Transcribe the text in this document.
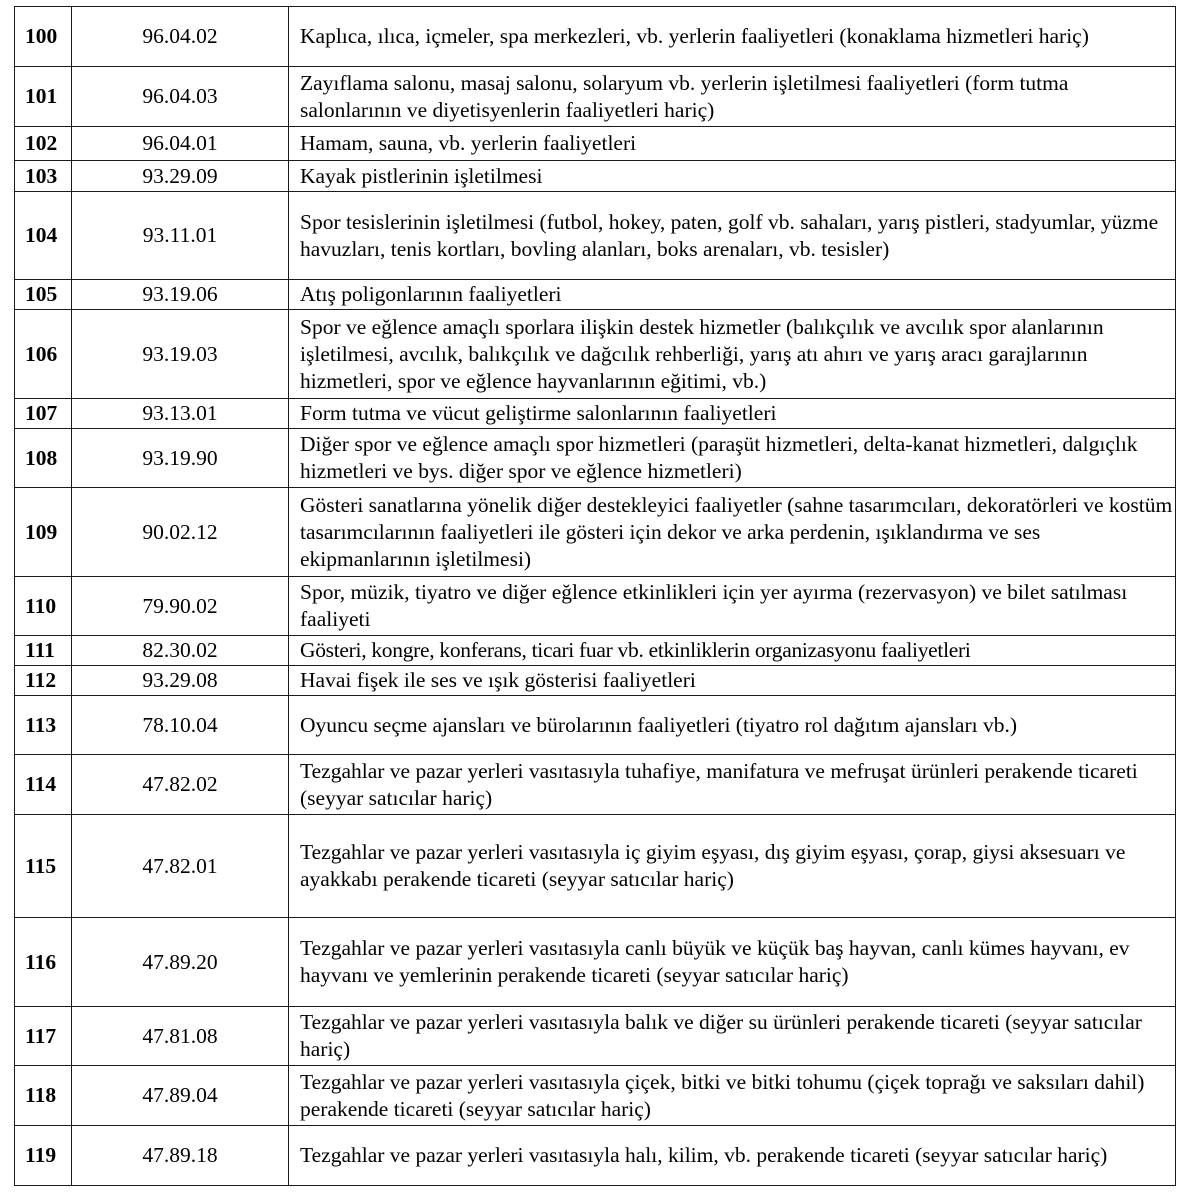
100	96.04.02	Kaplıca, ılıca, içmeler, spa merkezleri, vb. yerlerin faaliyetleri (konaklama hizmetleri hariç)
101	96.04.03	Zayıflama salonu, masaj salonu, solaryum vb. yerlerin işletilmesi faaliyetleri (form tutma salonlarının ve diyetisyenlerin faaliyetleri hariç)
102	96.04.01	Hamam, sauna, vb. yerlerin faaliyetleri
103	93.29.09	Kayak pistlerinin işletilmesi
104	93.11.01	Spor tesislerinin işletilmesi (futbol, hokey, paten, golf vb. sahaları, yarış pistleri, stadyumlar, yüzme havuzları, tenis kortları, bovling alanları, boks arenaları, vb. tesisler)
105	93.19.06	Atış poligonlarının faaliyetleri
106	93.19.03	Spor ve eğlence amaçlı sporlara ilişkin destek hizmetler (balıkçılık ve avcılık spor alanlarının işletilmesi, avcılık, balıkçılık ve dağcılık rehberliği, yarış atı ahırı ve yarış aracı garajlarının hizmetleri, spor ve eğlence hayvanlarının eğitimi, vb.)
107	93.13.01	Form tutma ve vücut geliştirme salonlarının faaliyetleri
108	93.19.90	Diğer spor ve eğlence amaçlı spor hizmetleri (paraşüt hizmetleri, delta-kanat hizmetleri, dalgıçlık hizmetleri ve bys. diğer spor ve eğlence hizmetleri)
109	90.02.12	Gösteri sanatlarına yönelik diğer destekleyici faaliyetler (sahne tasarımcıları, dekoratörleri ve kostüm tasarımcılarının faaliyetleri ile gösteri için dekor ve arka perdenin, ışıklandırma ve ses ekipmanlarının işletilmesi)
110	79.90.02	Spor, müzik, tiyatro ve diğer eğlence etkinlikleri için yer ayırma (rezervasyon) ve bilet satılması faaliyeti
111	82.30.02	Gösteri, kongre, konferans, ticari fuar vb. etkinliklerin organizasyonu faaliyetleri
112	93.29.08	Havai fişek ile ses ve ışık gösterisi faaliyetleri
113	78.10.04	Oyuncu seçme ajansları ve bürolarının faaliyetleri (tiyatro rol dağıtım ajansları vb.)
114	47.82.02	Tezgahlar ve pazar yerleri vasıtasıyla tuhafiye, manifatura ve mefruşat ürünleri perakende ticareti (seyyar satıcılar hariç)
115	47.82.01	Tezgahlar ve pazar yerleri vasıtasıyla iç giyim eşyası, dış giyim eşyası, çorap, giysi aksesuarı ve ayakkabı perakende ticareti (seyyar satıcılar hariç)
116	47.89.20	Tezgahlar ve pazar yerleri vasıtasıyla canlı büyük ve küçük baş hayvan, canlı kümes hayvanı, ev hayvanı ve yemlerinin perakende ticareti (seyyar satıcılar hariç)
117	47.81.08	Tezgahlar ve pazar yerleri vasıtasıyla balık ve diğer su ürünleri perakende ticareti (seyyar satıcılar hariç)
118	47.89.04	Tezgahlar ve pazar yerleri vasıtasıyla çiçek, bitki ve bitki tohumu (çiçek toprağı ve saksıları dahil) perakende ticareti (seyyar satıcılar hariç)
119	47.89.18	Tezgahlar ve pazar yerleri vasıtasıyla halı, kilim, vb. perakende ticareti (seyyar satıcılar hariç)
